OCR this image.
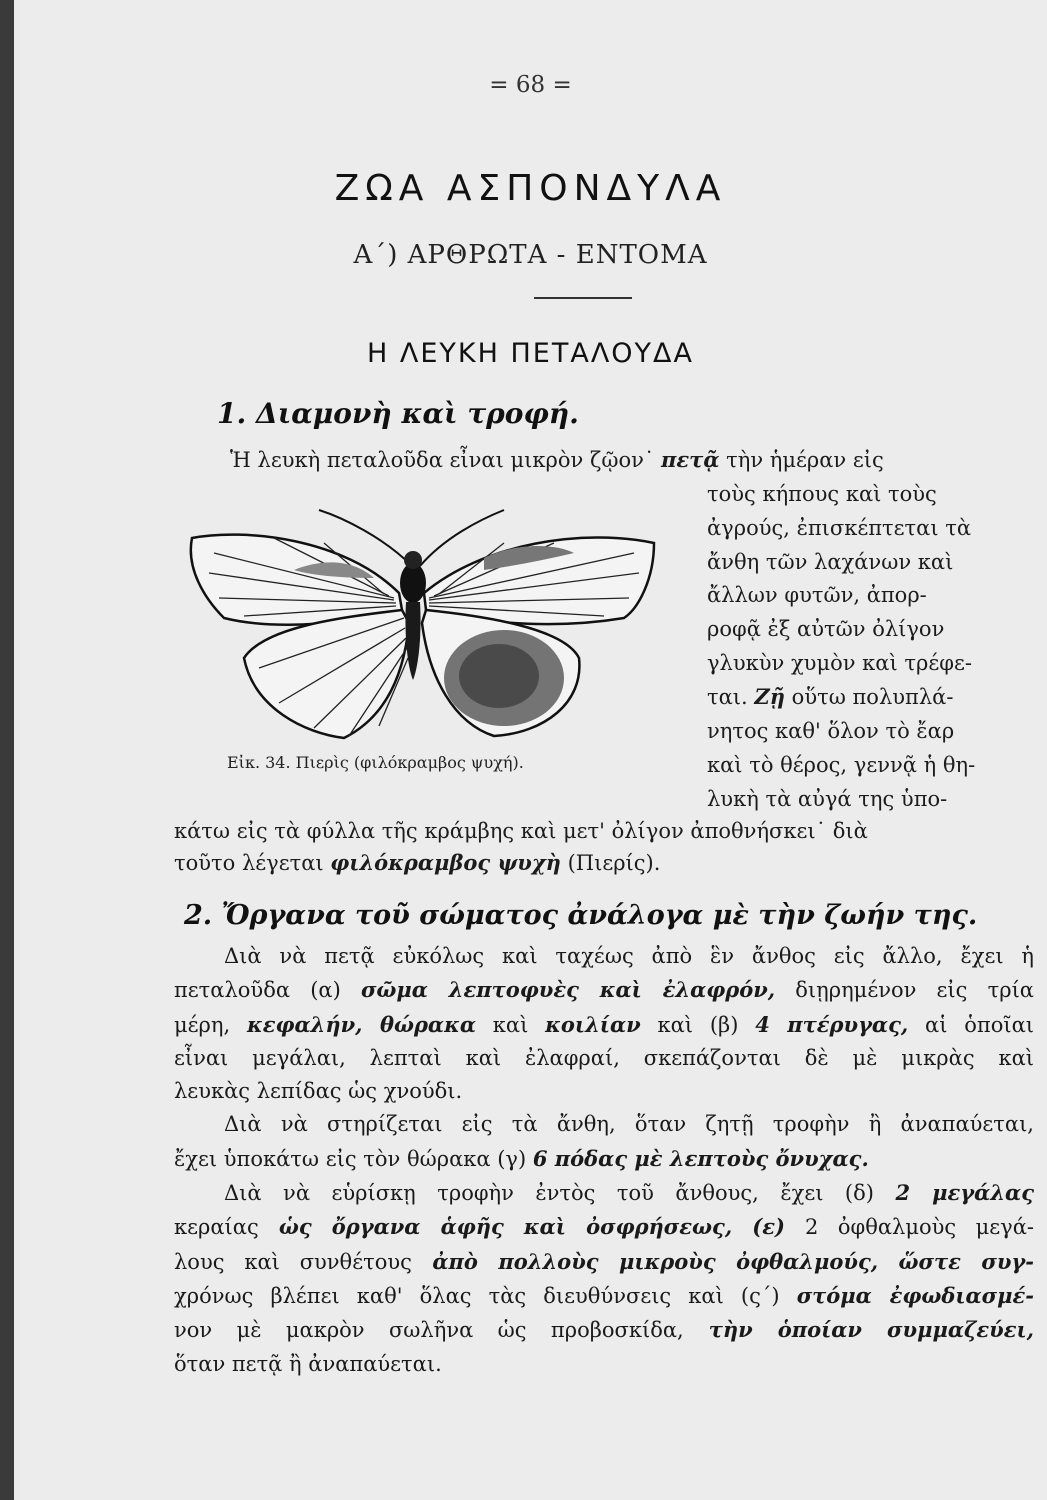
= 68 =
ΖΩΑ ΑΣΠΟΝΔΥΛΑ
Α΄) ΑΡΘΡΩΤΑ - ΕΝΤΟΜΑ
Η ΛΕΥΚΗ ΠΕΤΑΛΟΥΔΑ
1. Διαμονὴ καὶ τροφή.
Ἡ λευκὴ πεταλοῦδα εἶναι μικρὸν ζῷον˙ πετᾷ τὴν ἡμέραν εἰς
τοὺς κήπους καὶ τοὺς
ἀγρούς, ἐπισκέπτεται τὰ
ἄνθη τῶν λαχάνων καὶ
ἄλλων φυτῶν, ἀπορ-
ροφᾷ ἐξ αὐτῶν ὀλίγον
γλυκὺν χυμὸν καὶ τρέφε-
ται. Ζῇ οὕτω πολυπλά-
νητος καθ' ὅλον τὸ ἔαρ
καὶ τὸ θέρος, γεννᾷ ἡ θη-
λυκὴ τὰ αὐγά της ὑπο-
κάτω εἰς τὰ φύλλα τῆς κράμβης καὶ μετ' ὀλίγον ἀποθνήσκει˙ διὰ
τοῦτο λέγεται φιλόκραμβος ψυχὴ (Πιερίς).
Εἰκ. 34. Πιερὶς (φιλόκραμβος ψυχή).
2. Ὄργανα τοῦ σώματος ἀνάλογα μὲ τὴν ζωήν της.
Διὰ νὰ πετᾷ εὐκόλως καὶ ταχέως ἀπὸ ἓν ἄνθος εἰς ἄλλο, ἔχει ἡ
πεταλοῦδα (α) σῶμα λεπτοφυὲς καὶ ἐλαφρόν, διῃρημένον εἰς τρία
μέρη, κεφαλήν, θώρακα καὶ κοιλίαν καὶ (β) 4 πτέρυγας, αἱ ὁποῖαι
εἶναι μεγάλαι, λεπταὶ καὶ ἐλαφραί, σκεπάζονται δὲ μὲ μικρὰς καὶ
λευκὰς λεπίδας ὡς χνούδι.
Διὰ νὰ στηρίζεται εἰς τὰ ἄνθη, ὅταν ζητῇ τροφὴν ἢ ἀναπαύεται,
ἔχει ὑποκάτω εἰς τὸν θώρακα (γ) 6 πόδας μὲ λεπτοὺς ὄνυχας.
Διὰ νὰ εὑρίσκῃ τροφὴν ἐντὸς τοῦ ἄνθους, ἔχει (δ) 2 μεγάλας
κεραίας ὡς ὄργανα ἁφῆς καὶ ὀσφρήσεως, (ε) 2 ὀφθαλμοὺς μεγά-
λους καὶ συνθέτους ἀπὸ πολλοὺς μικροὺς ὀφθαλμούς, ὥστε συγ-
χρόνως βλέπει καθ' ὅλας τὰς διευθύνσεις καὶ (ς΄) στόμα ἐφωδιασμέ-
νον μὲ μακρὸν σωλῆνα ὡς προβοσκίδα, τὴν ὁποίαν συμμαζεύει,
ὅταν πετᾷ ἢ ἀναπαύεται.
